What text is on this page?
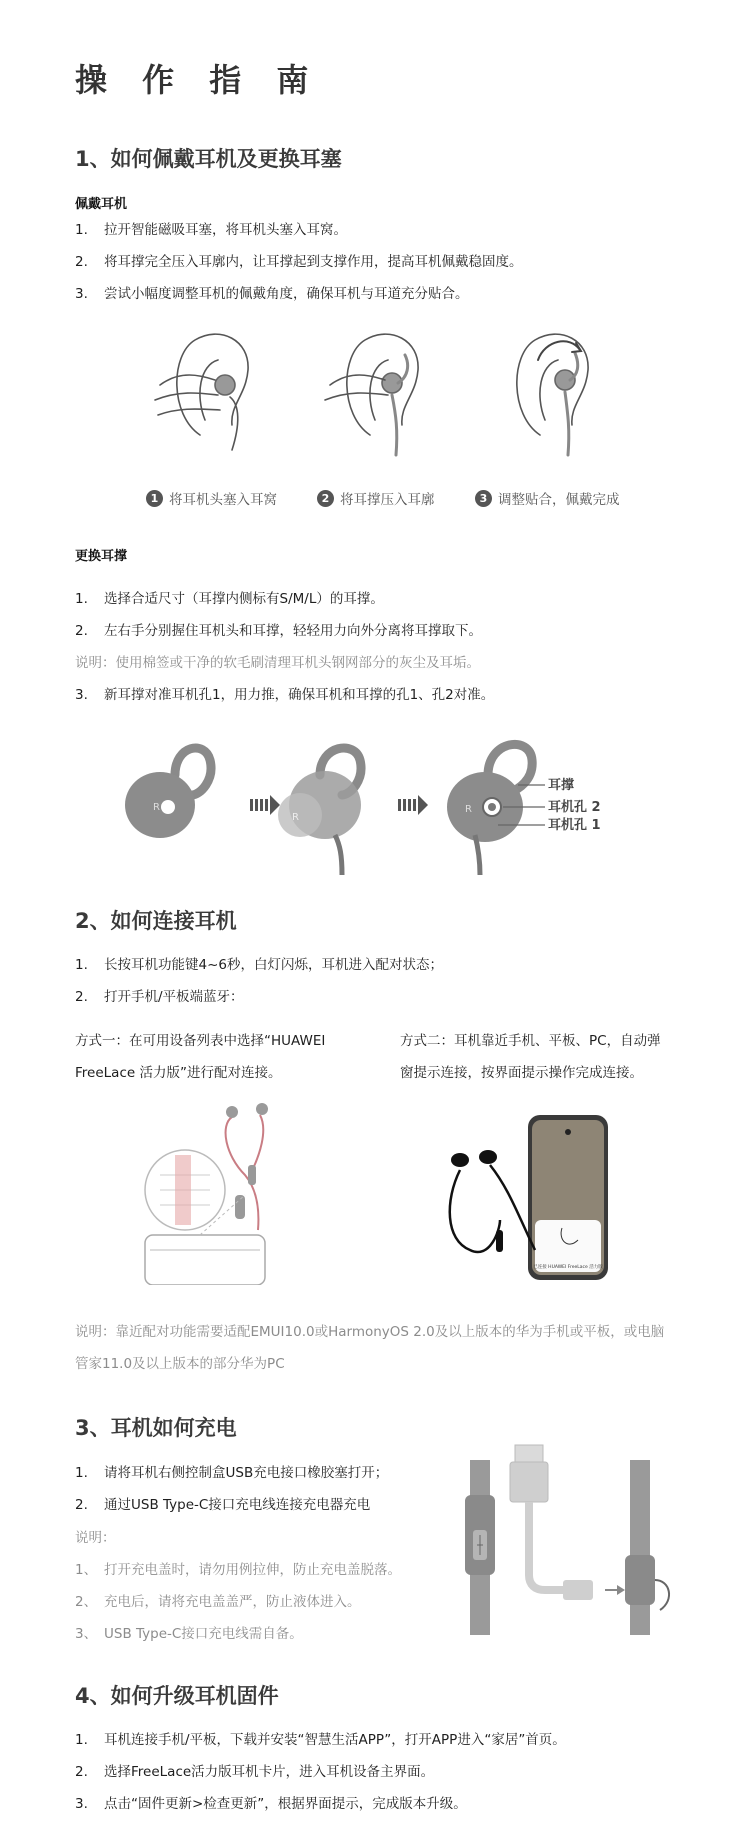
操 作 指 南
1、如何佩戴耳机及更换耳塞
佩戴耳机
1. 拉开智能磁吸耳塞，将耳机头塞入耳窝。
2. 将耳撑完全压入耳廓内，让耳撑起到支撑作用，提高耳机佩戴稳固度。
3. 尝试小幅度调整耳机的佩戴角度，确保耳机与耳道充分贴合。
1 将耳机头塞入耳窝	2 将耳撑压入耳廓	3 调整贴合，佩戴完成
更换耳撑
1. 选择合适尺寸（耳撑内侧标有S/M/L）的耳撑。
2. 左右手分别握住耳机头和耳撑，轻轻用力向外分离将耳撑取下。
说明：使用棉签或干净的软毛刷清理耳机头钢网部分的灰尘及耳垢。
3. 新耳撑对准耳机孔1，用力推，确保耳机和耳撑的孔1、孔2对准。
R
R
R
耳撑
耳机孔 2
耳机孔 1
2、如何连接耳机
1. 长按耳机功能键4~6秒，白灯闪烁，耳机进入配对状态；
2. 打开手机/平板端蓝牙：
方式一：在可用设备列表中选择“HUAWEI
FreeLace 活力版”进行配对连接。
方式二：耳机靠近手机、平板、PC，自动弹
窗提示连接，按界面提示操作完成连接。
已连接 HUAWEI FreeLace 活力版
说明：靠近配对功能需要适配EMUI10.0或HarmonyOS 2.0及以上版本的华为手机或平板，或电脑
管家11.0及以上版本的部分华为PC
3、耳机如何充电
1. 请将耳机右侧控制盒USB充电接口橡胶塞打开；
2. 通过USB Type-C接口充电线连接充电器充电
说明：
1、 打开充电盖时，请勿用例拉伸，防止充电盖脱落。
2、 充电后，请将充电盖盖严，防止液体进入。
3、 USB Type-C接口充电线需自备。
4、如何升级耳机固件
1. 耳机连接手机/平板，下载并安装“智慧生活APP”，打开APP进入“家居”首页。
2. 选择FreeLace活力版耳机卡片，进入耳机设备主界面。
3. 点击“固件更新>检查更新”，根据界面提示，完成版本升级。
